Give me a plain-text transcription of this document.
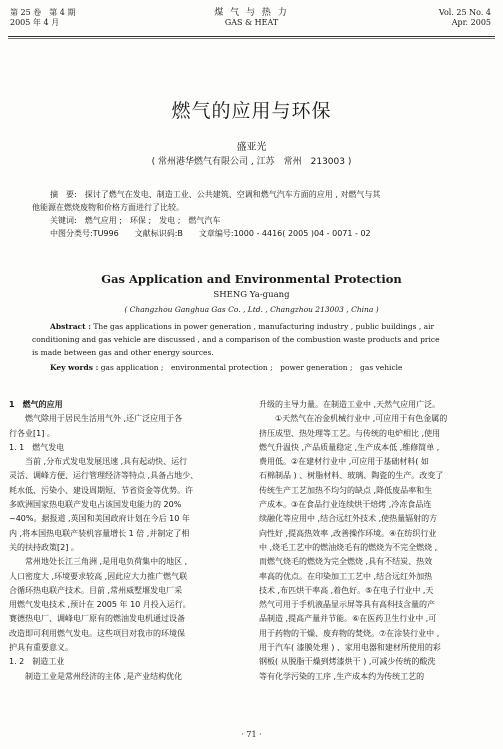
第 25 卷　第 4 期
2005 年 4 月
煤 气 与 热 力
GAS & HEAT
Vol. 25 No. 4
Apr. 2005
燃气的应用与环保
盛亚光
( 常州港华燃气有限公司 , 江苏　常州　213003 )
摘　要:　探讨了燃气在发电、制造工业、公共建筑、空调和燃气汽车方面的应用 , 对燃气与其
他能源在燃烧废物和价格方面进行了比较。
关键词:　燃气应用 ;　环保 ;　发电 ;　燃气汽车
中图分类号:TU996　　文献标识码:B　　文章编号:1000 - 4416( 2005 )04 - 0071 - 02
Gas Application and Environmental Protection
SHENG Ya-guang
( Changzhou Ganghua Gas Co. , Ltd. , Changzhou 213003 , China )
Abstract : The gas applications in power generation , manufacturing industry , public buildings , air
conditioning and gas vehicle are discussed , and a comparison of the combustion waste products and price
is made between gas and other energy sources.
Key words : gas application ;　environmental protection ;　power generation ;　gas vehicle

1　燃气的应用

燃气除用于居民生活用气外 ,还广泛应用于各

行各业[1] 。

1. 1　燃气发电

当前 ,分布式发电发展迅速 ,具有起动快、运行

灵活、调峰方便、运行管理经济等特点 ,具备占地少、

耗水低、污染小、建设周期短、节省资金等优势。许

多欧洲国家热电联产发电占该国发电能力的 20%

~40%。据报道 ,英国和美国政府计划在今后 10 年

内 ,将本国热电联产装机容量增长 1 倍 ,并制定了相

关的扶持政策[2] 。

常州地处长江三角洲 ,是用电负荷集中的地区 ,

人口密度大 ,环境要求较高 ,因此应大力推广燃气联

合循环热电联产技术。目前 ,常州威墅堰发电厂采

用燃气发电技术 ,预计在 2005 年 10 月投入运行。

赛德热电厂、调峰电厂原有的燃油发电机通过设备

改造即可利用燃气发电。这些项目对我市的环境保

护具有重要意义。

1. 2　制造工业

制造工业是常州经济的主体 ,是产业结构优化

升级的主导力量。在制造工业中 ,天然气应用广泛。

①天然气在冶金机械行业中 ,可应用于有色金属的

挤压成型、热处理等工艺。与传统的电炉相比 ,使用

燃气升温快 ,产品质量稳定 ,生产成本低 ,维修简单 ,

费用低。②在建材行业中 ,可应用于基础材料( 如

石棉制品 ) 、树脂材料、玻璃、陶瓷的生产。改变了

传统生产工艺加热不均匀的缺点 ,降低废品率和生

产成本。③在食品行业连续烘干焙烤 ,冷冻食品连

续融化等应用中 ,结合远红外技术 ,使热量辐射的方

向性好 ,提高热效率 ,改善操作环境。④在纺织行业

中 ,烧毛工艺中的燃油烧毛有的燃烧为不完全燃烧 ,

而燃气烧毛的燃烧为完全燃烧 ,具有不结炭、热效

率高的优点。在印染加工工艺中 ,结合远红外加热

技术 ,布匹烘干率高 ,着色好。⑤在电子行业中 ,天

然气可用于手机液晶显示屏等具有高科技含量的产

品制造 ,提高产量并节能。⑥在医药卫生行业中 ,可

用于药物的干燥、废弃物的焚烧。⑦在涂装行业中 ,

用于汽车( 漆膜处理 ) 、家用电器和建材所使用的彩

钢板( 从脱脂干燥到烤漆烘干 ) ,可减少传统的酸洗

等有化学污染的工序 ,生产成本约为传统工艺的

· 71 ·
